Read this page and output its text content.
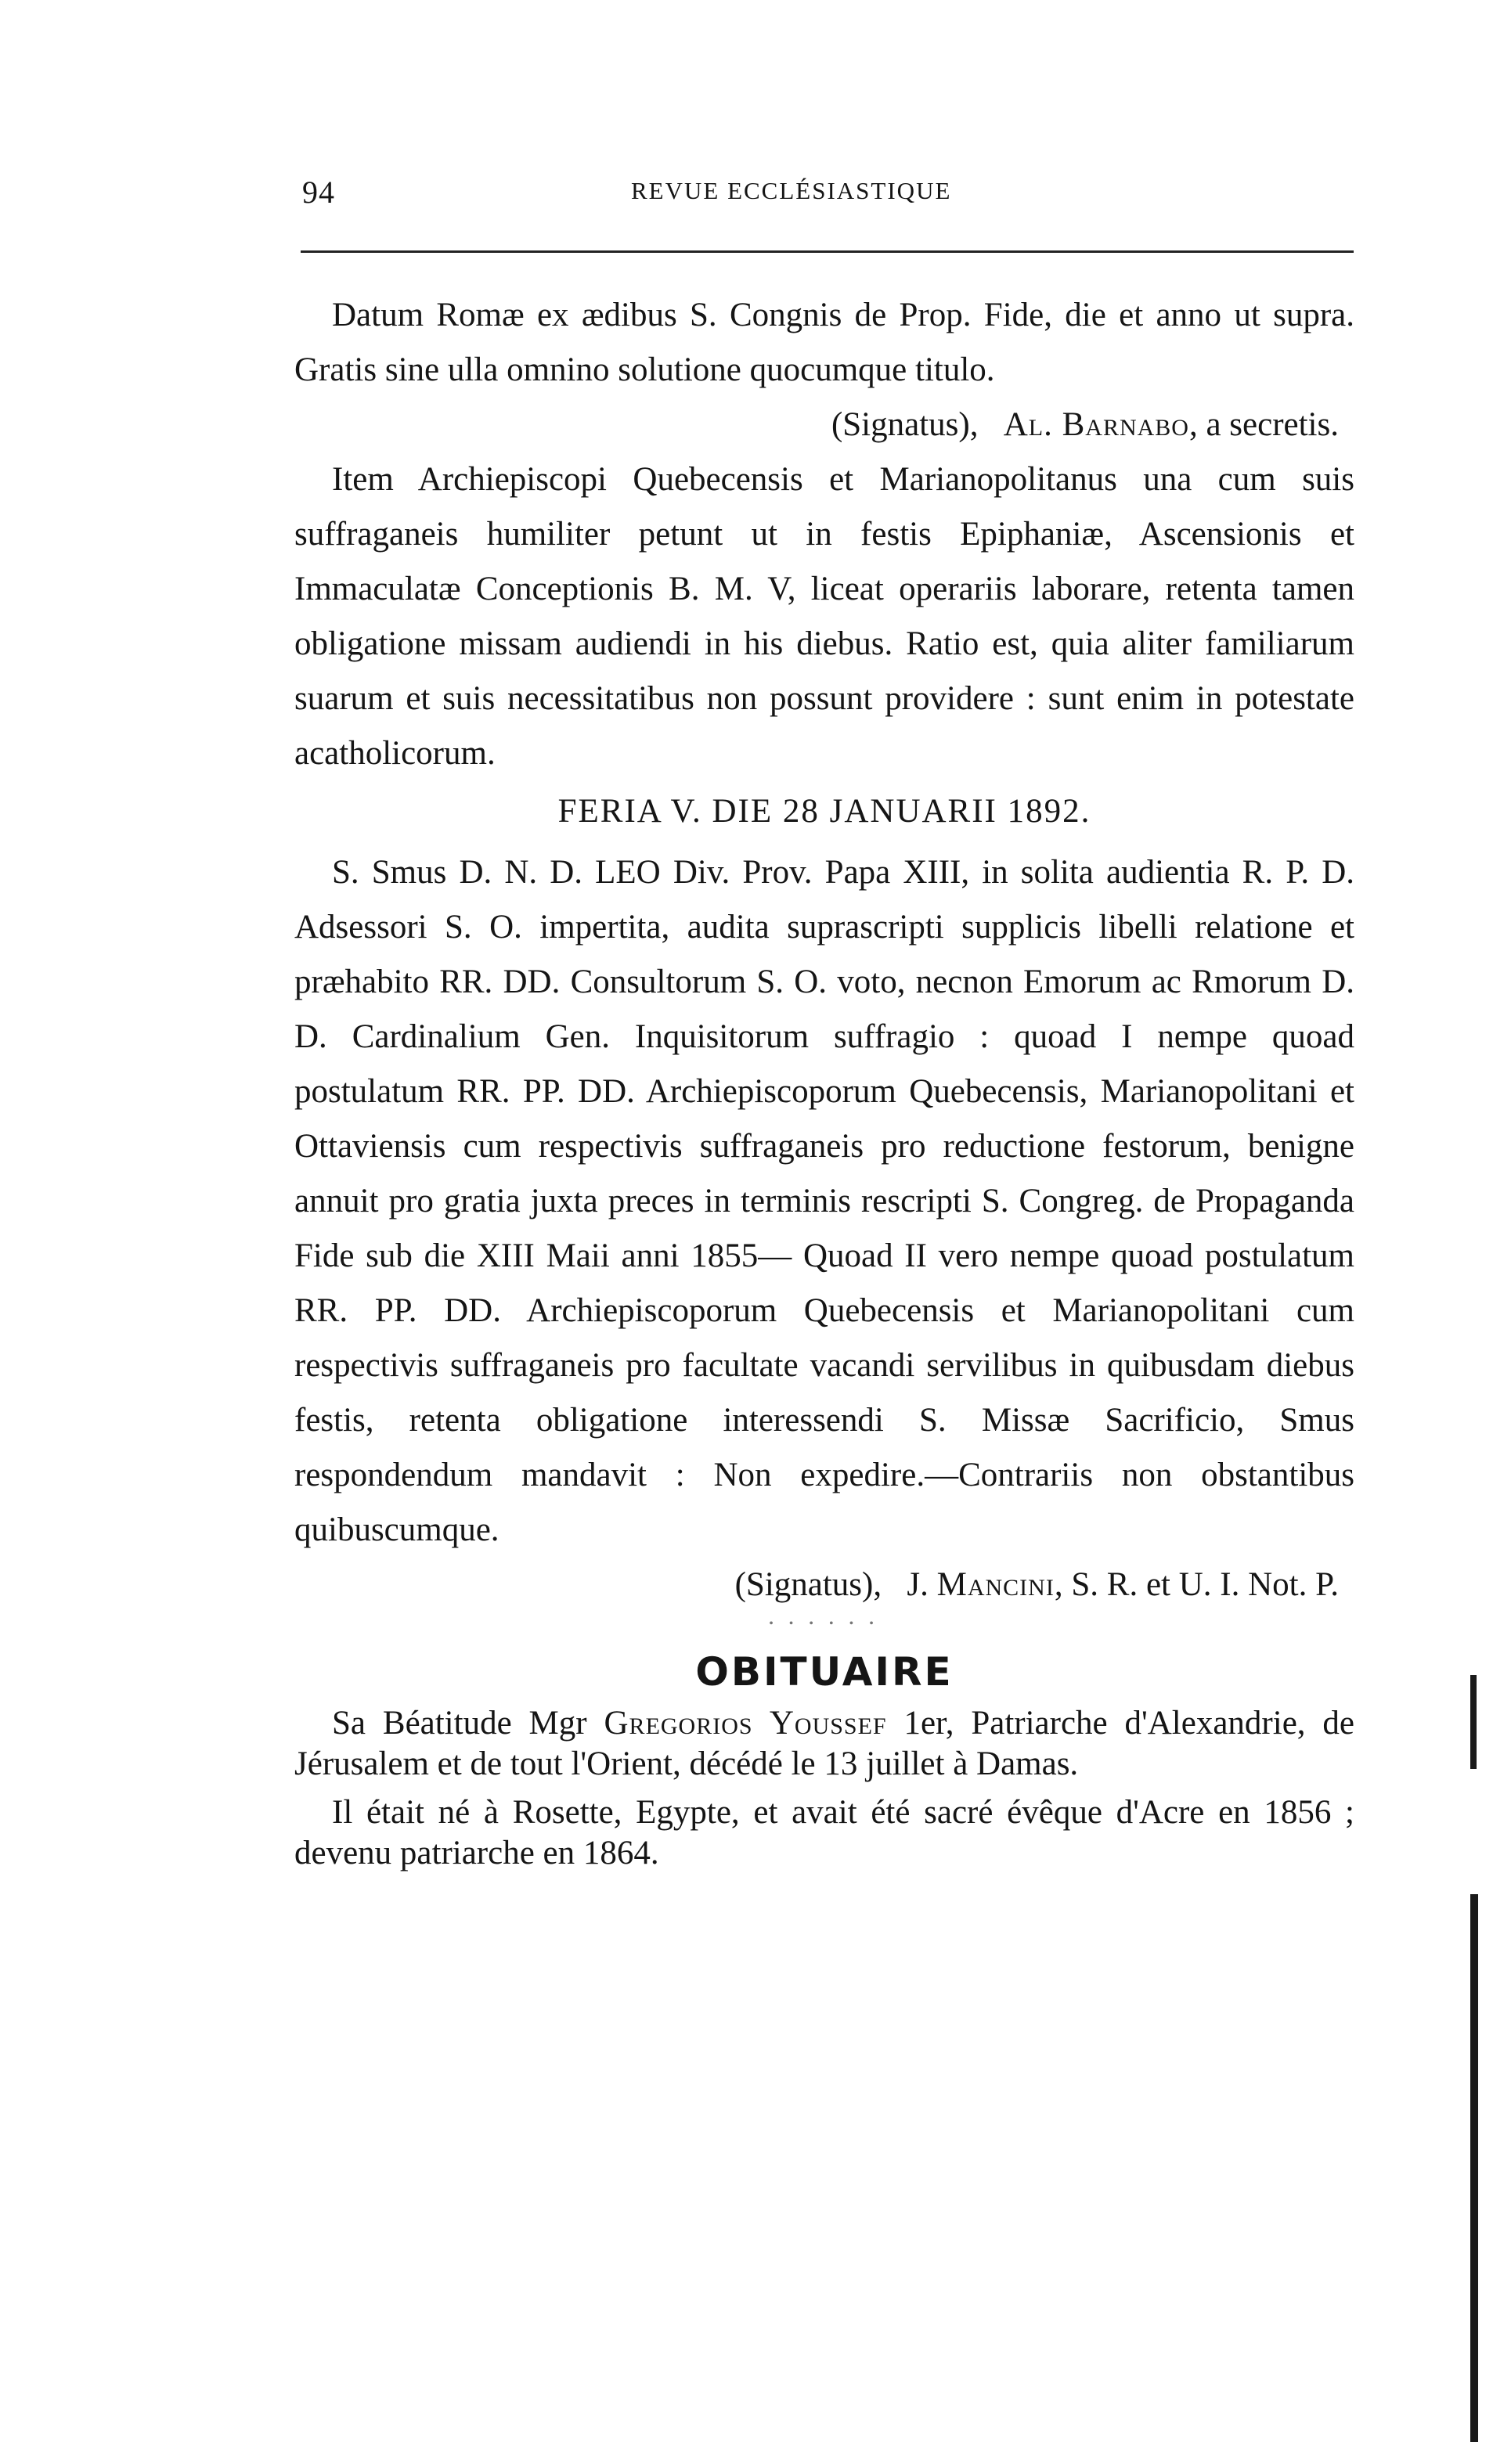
94	REVUE ECCLÉSIASTIQUE

Datum Romæ ex ædibus S. Congnis de Prop. Fide, die et anno ut supra. Gratis sine ulla omnino solutione quocumque titulo.

(Signatus), Al. Barnabo, a secretis.

Item Archiepiscopi Quebecensis et Marianopolitanus una cum suis suffraganeis humiliter petunt ut in festis Epiphaniæ, Ascensionis et Immaculatæ Conceptionis B. M. V, liceat operariis laborare, retenta tamen obligatione missam audiendi in his diebus. Ratio est, quia aliter familiarum suarum et suis necessitatibus non possunt providere : sunt enim in potestate acatholicorum.

FERIA V. DIE 28 JANUARII 1892.

S. Smus D. N. D. LEO Div. Prov. Papa XIII, in solita audientia R. P. D. Adsessori S. O. impertita, audita suprascripti supplicis libelli relatione et præhabito RR. DD. Consultorum S. O. voto, necnon Emorum ac Rmorum D. D. Cardinalium Gen. Inquisitorum suffragio : quoad I nempe quoad postulatum RR. PP. DD. Archiepiscoporum Quebecensis, Marianopolitani et Ottaviensis cum respectivis suffraganeis pro reductione festorum, benigne annuit pro gratia juxta preces in terminis rescripti S. Congreg. de Propaganda Fide sub die XIII Maii anni 1855— Quoad II vero nempe quoad postulatum RR. PP. DD. Archiepiscoporum Quebecensis et Marianopolitani cum respectivis suffraganeis pro facultate vacandi servilibus in quibusdam diebus festis, retenta obligatione interessendi S. Missæ Sacrificio, Smus respondendum mandavit : Non expedire.—Contrariis non obstantibus quibuscumque.

(Signatus), J. Mancini, S. R. et U. I. Not. P.

• • • • • •
OBITUAIRE

Sa Béatitude Mgr Gregorios Youssef 1er, Patriarche d'Alexandrie, de Jérusalem et de tout l'Orient, décédé le 13 juillet à Damas.

Il était né à Rosette, Egypte, et avait été sacré évêque d'Acre en 1856 ; devenu patriarche en 1864.
